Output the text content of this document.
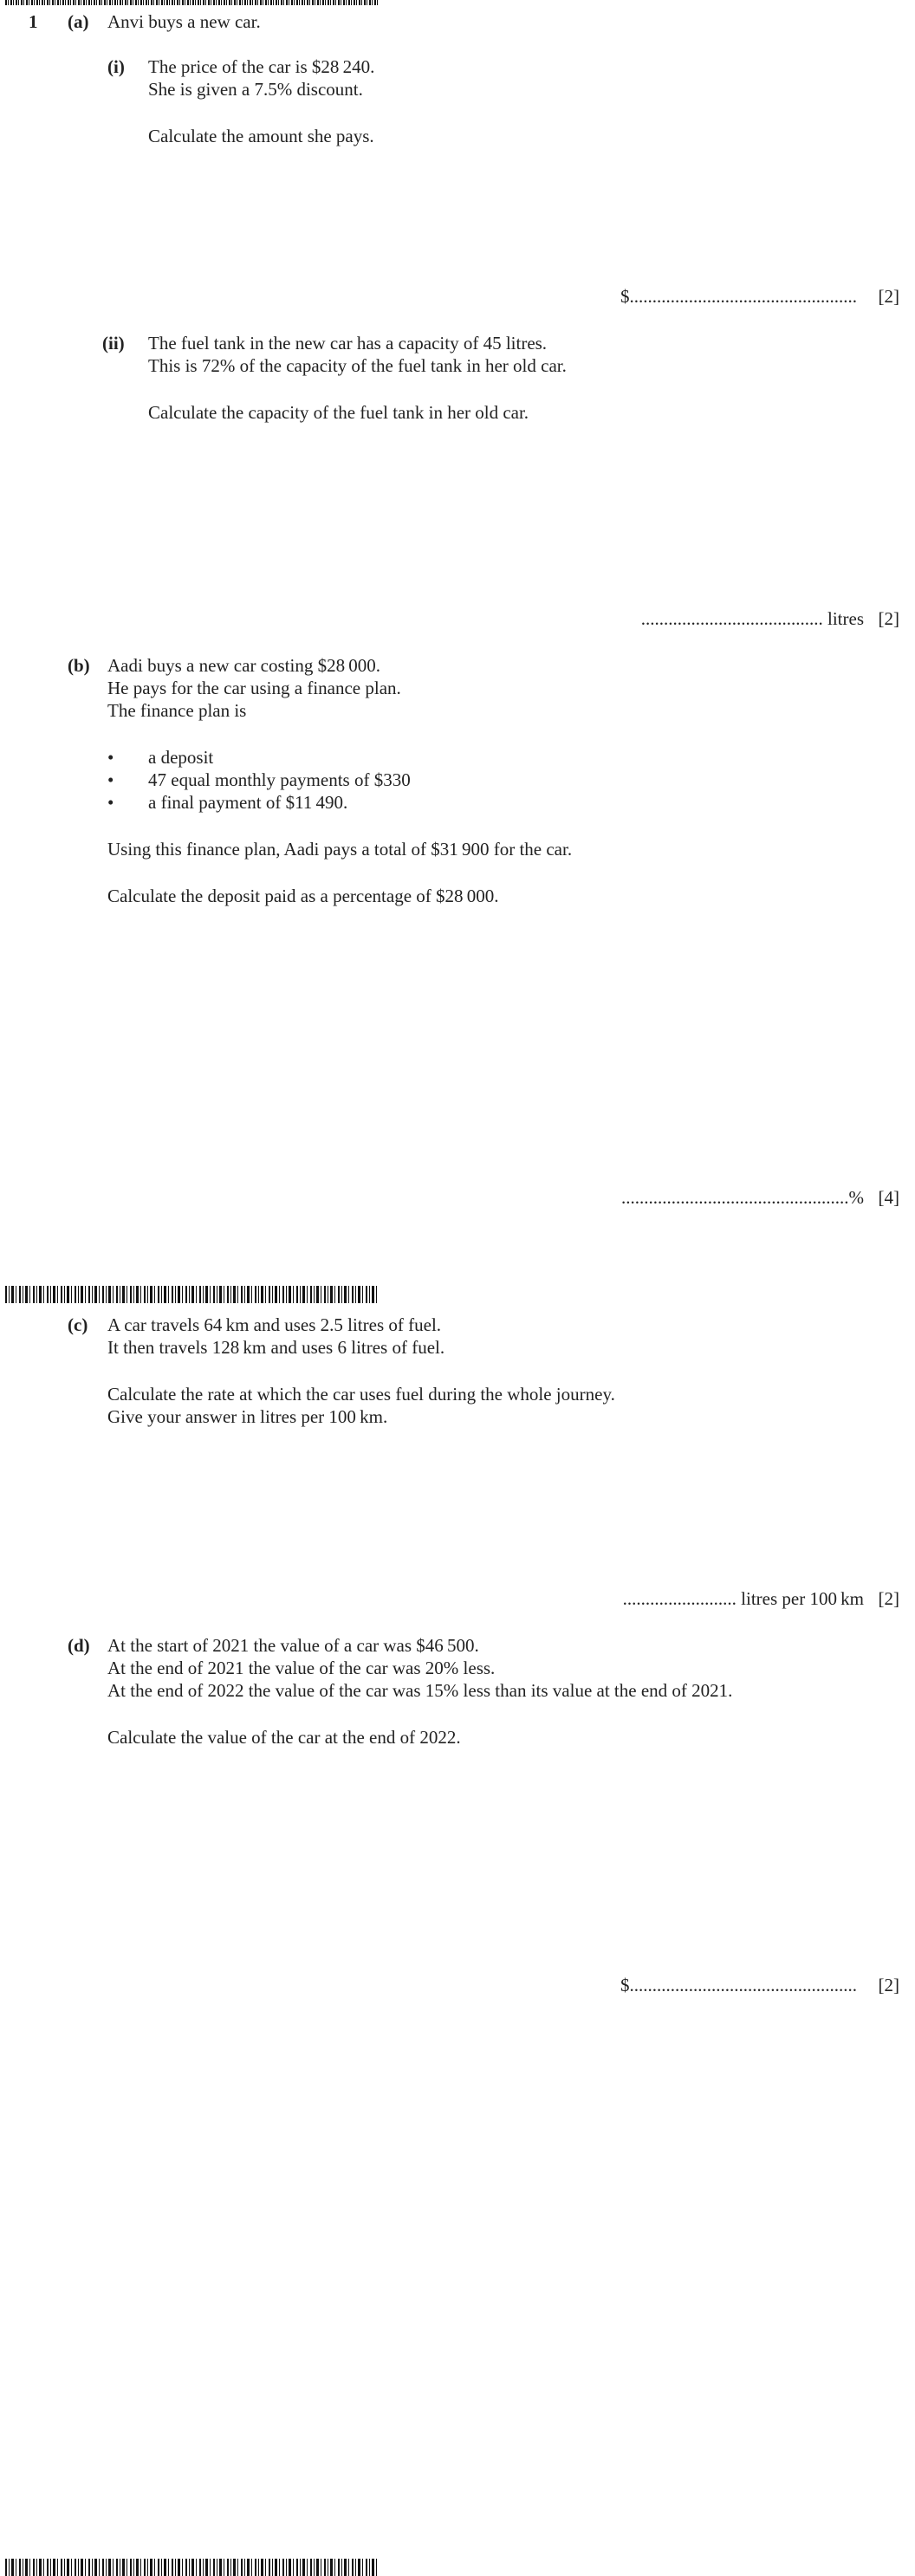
1 (a) Anvi buys a new car.
(i) The price of the car is $28 240.
She is given a 7.5% discount.
Calculate the amount she pays.
$.................................................. [2]
(ii) The fuel tank in the new car has a capacity of 45 litres.
This is 72% of the capacity of the fuel tank in her old car.
Calculate the capacity of the fuel tank in her old car.
........................................ litres [2]
(b) Aadi buys a new car costing $28 000.
He pays for the car using a finance plan.
The finance plan is
• a deposit
• 47 equal monthly payments of $330
• a final payment of $11 490.
Using this finance plan, Aadi pays a total of $31 900 for the car.
Calculate the deposit paid as a percentage of $28 000.
..................................................% [4]
(c) A car travels 64 km and uses 2.5 litres of fuel.
It then travels 128 km and uses 6 litres of fuel.
Calculate the rate at which the car uses fuel during the whole journey.
Give your answer in litres per 100 km.
......................... litres per 100 km [2]
(d) At the start of 2021 the value of a car was $46 500.
At the end of 2021 the value of the car was 20% less.
At the end of 2022 the value of the car was 15% less than its value at the end of 2021.
Calculate the value of the car at the end of 2022.
$.................................................. [2]
